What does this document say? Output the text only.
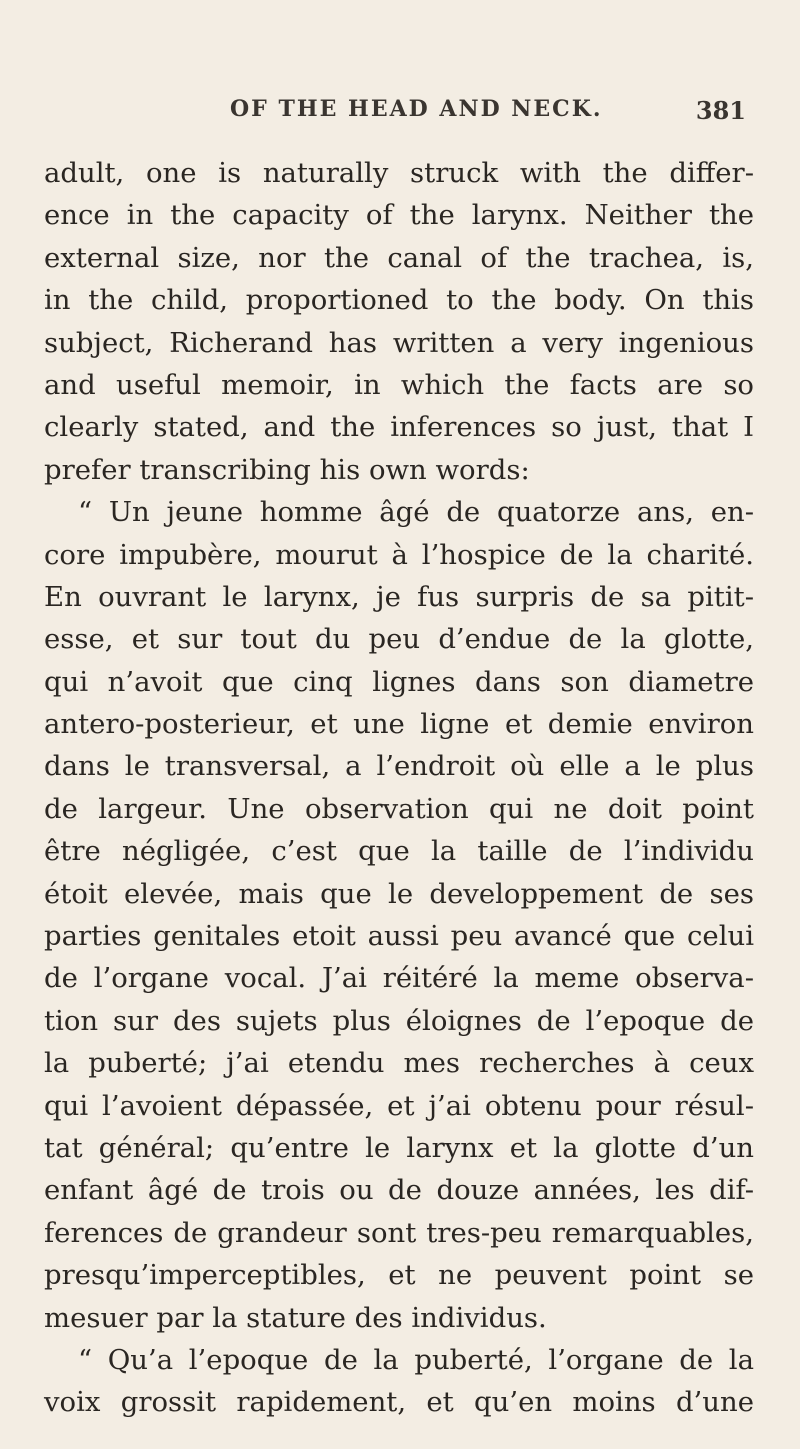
OF THE HEAD AND NECK.	381
adult, one is naturally struck with the differ-
ence in the capacity of the larynx. Neither the
external size, nor the canal of the trachea, is,
in the child, proportioned to the body. On this
subject, Richerand has written a very ingenious
and useful memoir, in which the facts are so
clearly stated, and the inferences so just, that I
prefer transcribing his own words:
“ Un jeune homme âgé de quatorze ans, en-
core impubère, mourut à l’hospice de la charité.
En ouvrant le larynx, je fus surpris de sa pitit-
esse, et sur tout du peu d’endue de la glotte,
qui n’avoit que cinq lignes dans son diametre
antero-posterieur, et une ligne et demie environ
dans le transversal, a l’endroit où elle a le plus
de largeur. Une observation qui ne doit point
être négligée, c’est que la taille de l’individu
étoit elevée, mais que le developpement de ses
parties genitales etoit aussi peu avancé que celui
de l’organe vocal. J’ai réitéré la meme observa-
tion sur des sujets plus éloignes de l’epoque de
la puberté; j’ai etendu mes recherches à ceux
qui l’avoient dépassée, et j’ai obtenu pour résul-
tat général; qu’entre le larynx et la glotte d’un
enfant âgé de trois ou de douze années, les dif-
ferences de grandeur sont tres-peu remarquables,
presqu’imperceptibles, et ne peuvent point se
mesuer par la stature des individus.
“ Qu’a l’epoque de la puberté, l’organe de la
voix grossit rapidement, et qu’en moins d’une
